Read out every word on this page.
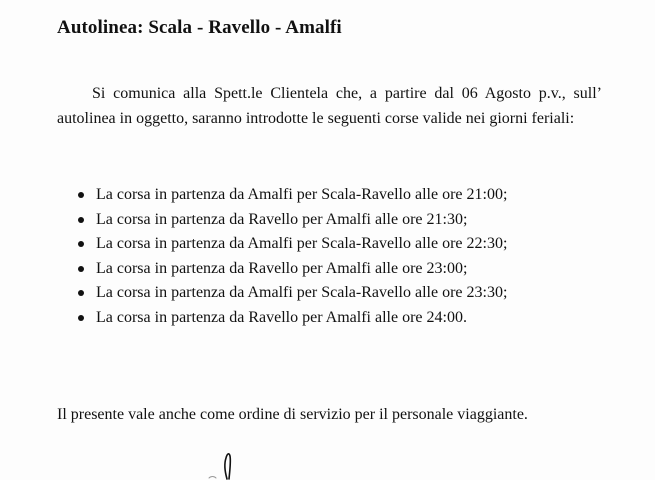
Autolinea: Scala - Ravello - Amalfi
Si comunica alla Spett.le Clientela che, a partire dal 06 Agosto p.v., sull’
autolinea in oggetto, saranno introdotte le seguenti corse valide nei giorni feriali:
La corsa in partenza da Amalfi per Scala-Ravello alle ore 21:00;
La corsa in partenza da Ravello per Amalfi alle ore 21:30;
La corsa in partenza da Amalfi per Scala-Ravello alle ore 22:30;
La corsa in partenza da Ravello per Amalfi alle ore 23:00;
La corsa in partenza da Amalfi per Scala-Ravello alle ore 23:30;
La corsa in partenza da Ravello per Amalfi alle ore 24:00.
Il presente vale anche come ordine di servizio per il personale viaggiante.
